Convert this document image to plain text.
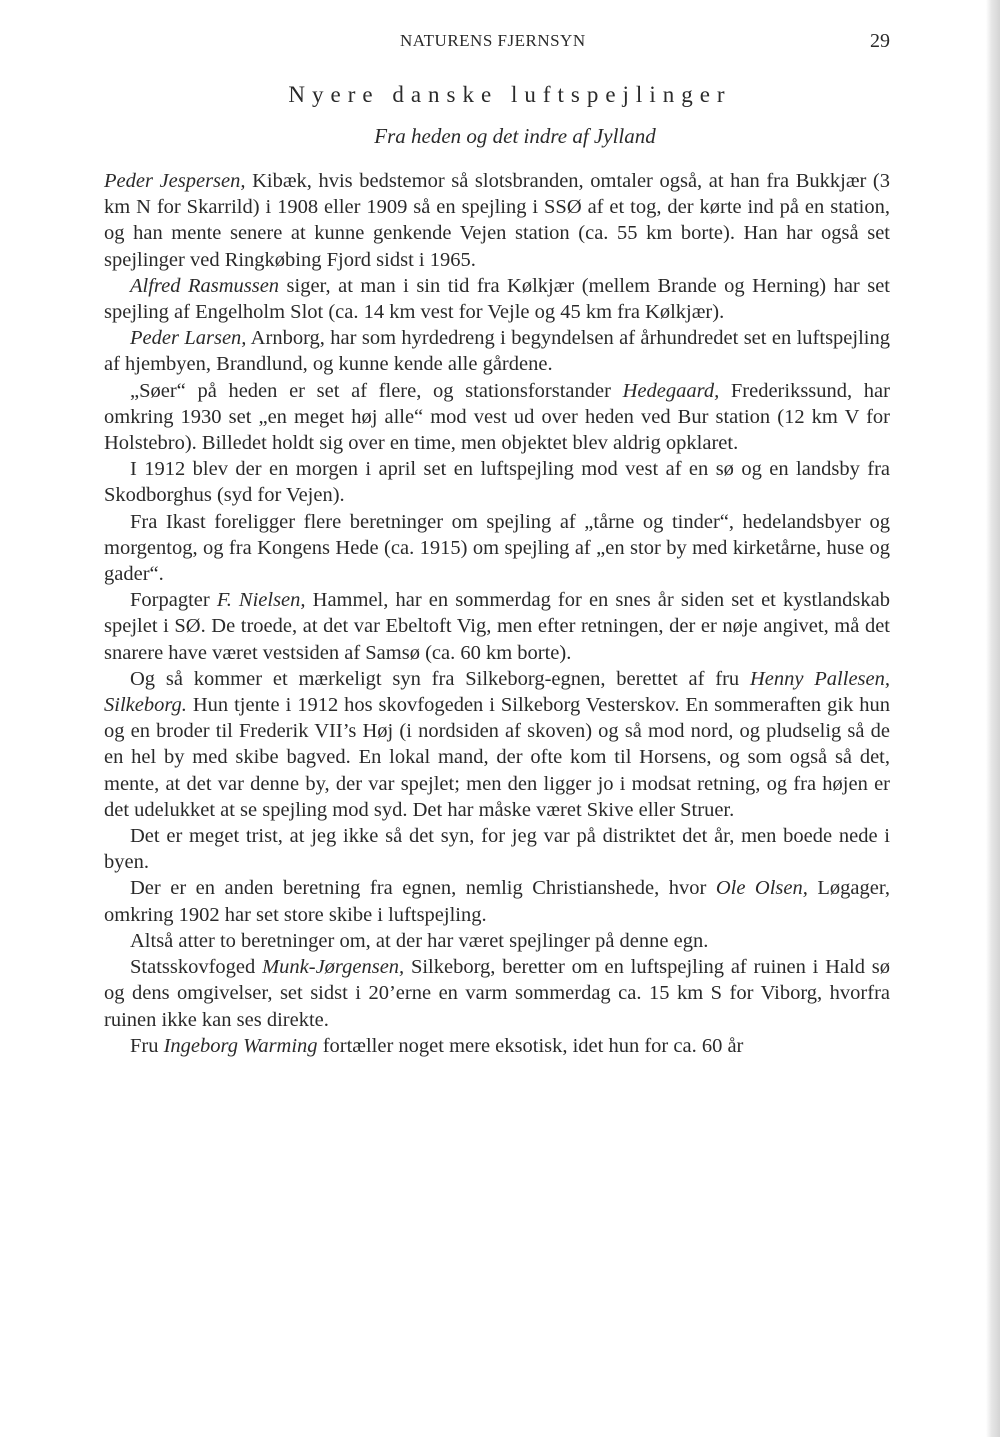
NATURENS FJERNSYN	29
Nyere danske luftspejlinger
Fra heden og det indre af Jylland

Peder Jespersen, Kibæk, hvis bedstemor så slotsbranden, omtaler også, at han fra Bukkjær (3 km N for Skarrild) i 1908 eller 1909 så en spejling i SSØ af et tog, der kørte ind på en station, og han mente senere at kunne genkende Vejen station (ca. 55 km borte). Han har også set spejlinger ved Ringkøbing Fjord sidst i 1965.

Alfred Rasmussen siger, at man i sin tid fra Kølkjær (mellem Brande og Herning) har set spejling af Engelholm Slot (ca. 14 km vest for Vejle og 45 km fra Kølkjær).

Peder Larsen, Arnborg, har som hyrdedreng i begyndelsen af århundredet set en luftspejling af hjembyen, Brandlund, og kunne kende alle gårdene.

„Søer“ på heden er set af flere, og stationsforstander Hedegaard, Frederikssund, har omkring 1930 set „en meget høj alle“ mod vest ud over heden ved Bur station (12 km V for Holstebro). Billedet holdt sig over en time, men objektet blev aldrig opklaret.

I 1912 blev der en morgen i april set en luftspejling mod vest af en sø og en landsby fra Skodborghus (syd for Vejen).

Fra Ikast foreligger flere beretninger om spejling af „tårne og tinder“, hedelandsbyer og morgentog, og fra Kongens Hede (ca. 1915) om spejling af „en stor by med kirketårne, huse og gader“.

Forpagter F. Nielsen, Hammel, har en sommerdag for en snes år siden set et kystlandskab spejlet i SØ. De troede, at det var Ebeltoft Vig, men efter retningen, der er nøje angivet, må det snarere have været vestsiden af Samsø (ca. 60 km borte).

Og så kommer et mærkeligt syn fra Silkeborg-egnen, berettet af fru Henny Pallesen, Silkeborg. Hun tjente i 1912 hos skovfogeden i Silkeborg Vesterskov. En sommeraften gik hun og en broder til Frederik VII’s Høj (i nordsiden af skoven) og så mod nord, og pludselig så de en hel by med skibe bagved. En lokal mand, der ofte kom til Horsens, og som også så det, mente, at det var denne by, der var spejlet; men den ligger jo i modsat retning, og fra højen er det udelukket at se spejling mod syd. Det har måske været Skive eller Struer.

Det er meget trist, at jeg ikke så det syn, for jeg var på distriktet det år, men boede nede i byen.

Der er en anden beretning fra egnen, nemlig Christianshede, hvor Ole Olsen, Løgager, omkring 1902 har set store skibe i luftspejling.

Altså atter to beretninger om, at der har været spejlinger på denne egn.

Statsskovfoged Munk-Jørgensen, Silkeborg, beretter om en luftspejling af ruinen i Hald sø og dens omgivelser, set sidst i 20’erne en varm sommerdag ca. 15 km S for Viborg, hvorfra ruinen ikke kan ses direkte.

Fru Ingeborg Warming fortæller noget mere eksotisk, idet hun for ca. 60 år
